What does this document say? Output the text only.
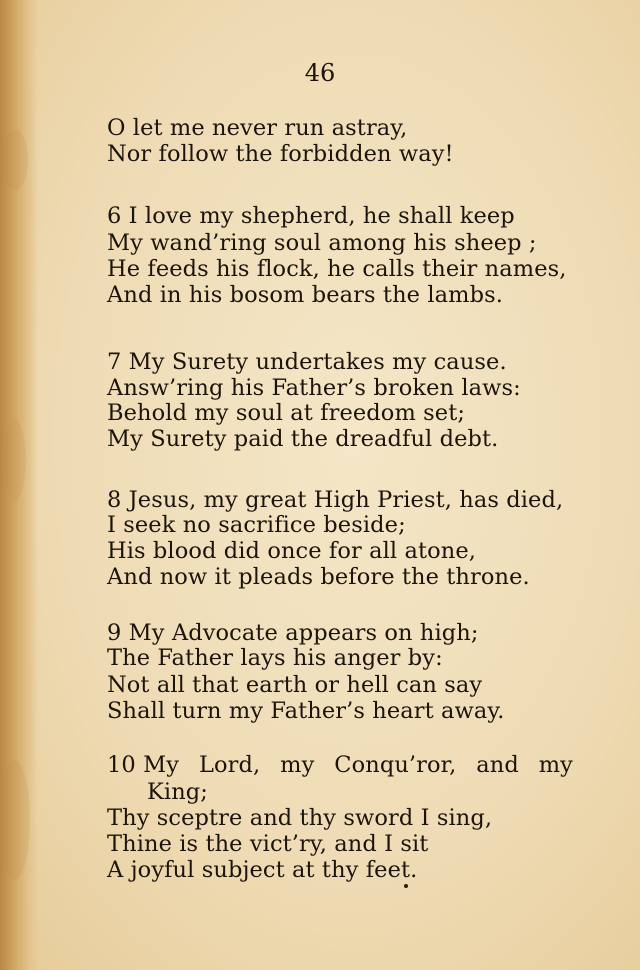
46
O let me never run astray,
Nor follow the forbidden way!
6 I love my shepherd, he shall keep
My wand’ring soul among his sheep ;
He feeds his flock, he calls their names,
And in his bosom bears the lambs.
7 My Surety undertakes my cause.
Answ’ring his Father’s broken laws:
Behold my soul at freedom set;
My Surety paid the dreadful debt.
8 Jesus, my great High Priest, has died,
I seek no sacrifice beside;
His blood did once for all atone,
And now it pleads before the throne.
9 My Advocate appears on high;
The Father lays his anger by:
Not all that earth or hell can say
Shall turn my Father’s heart away.
10 My Lord, my Conqu’ror, and my
King;
Thy sceptre and thy sword I sing,
Thine is the vict’ry, and I sit
A joyful subject at thy feet.
